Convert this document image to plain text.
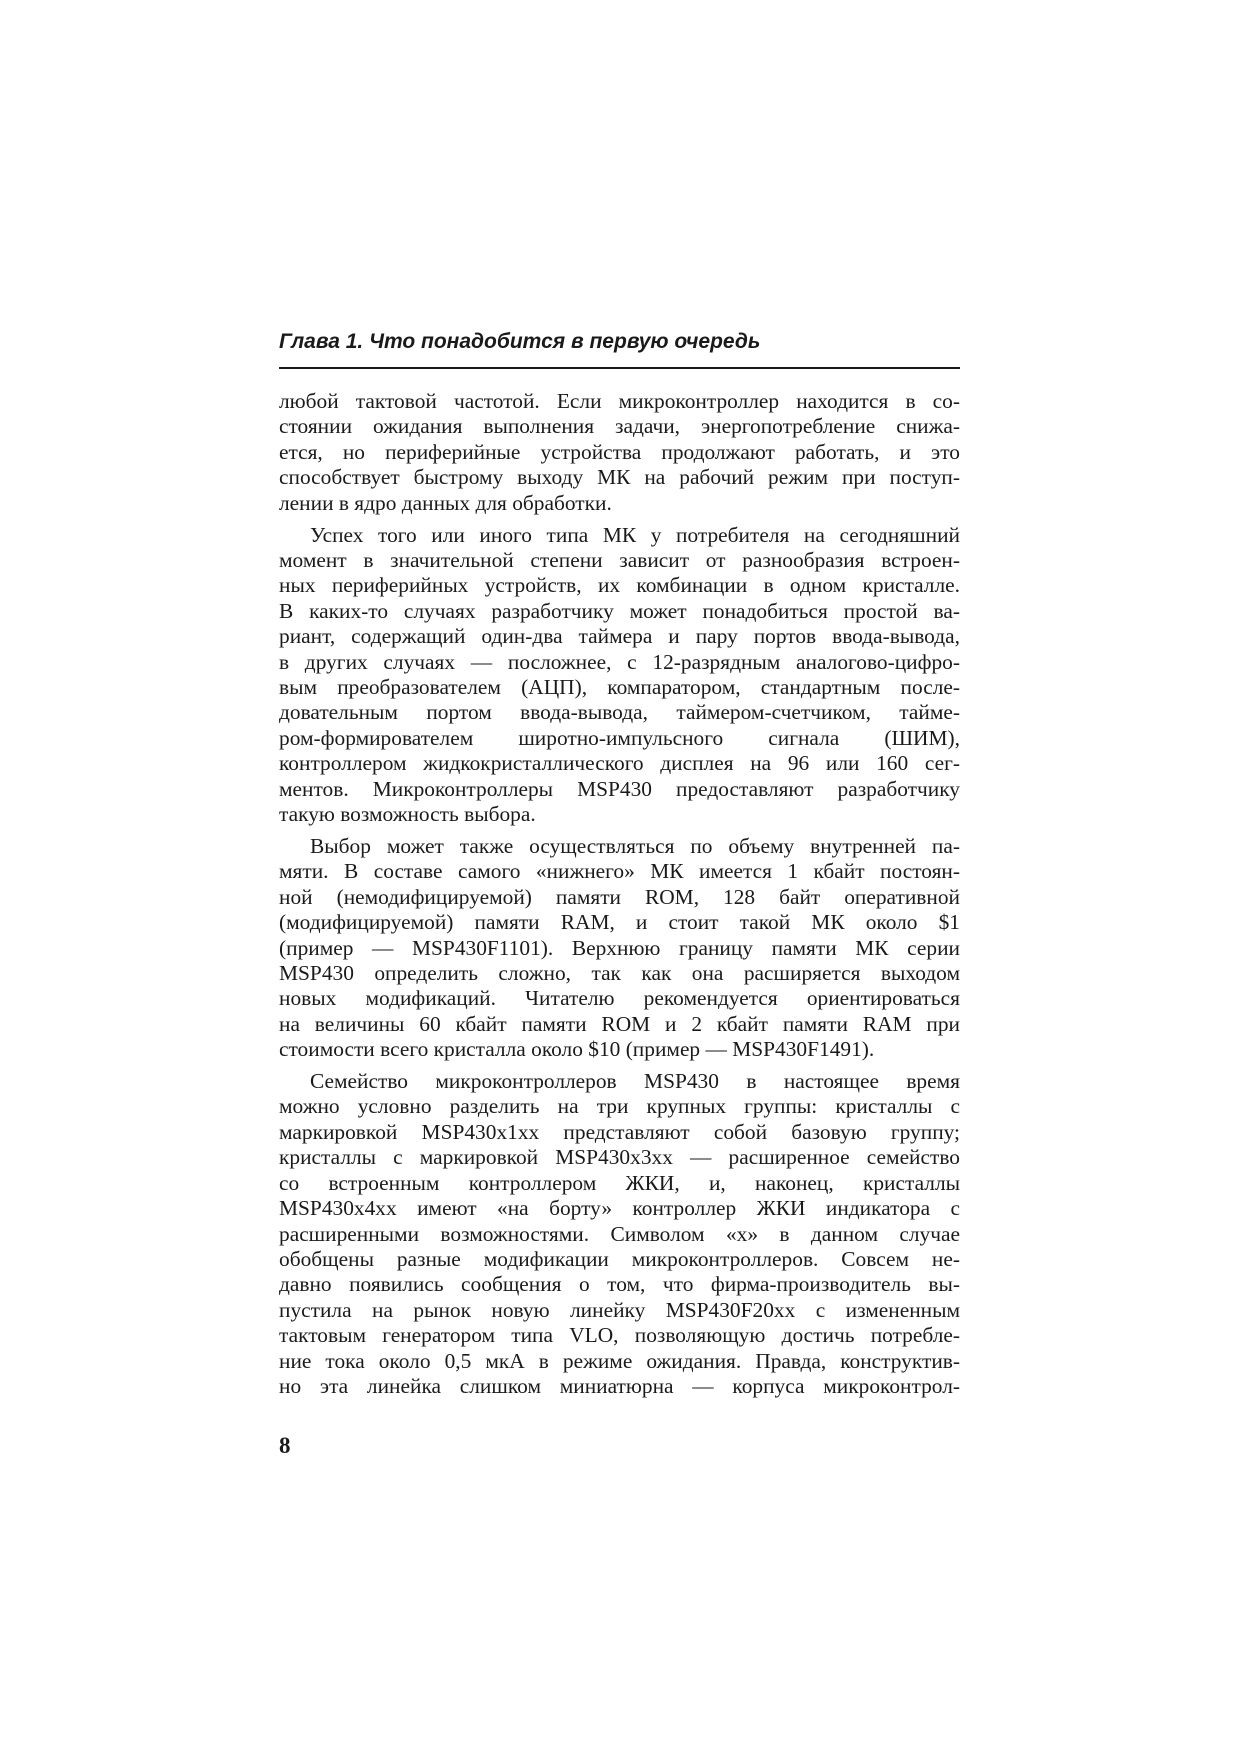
Глава 1. Что понадобится в первую очередь
любой тактовой частотой. Если микроконтроллер находится в со-
стоянии ожидания выполнения задачи, энергопотребление снижа-
ется, но периферийные устройства продолжают работать, и это
способствует быстрому выходу МК на рабочий режим при поступ-
лении в ядро данных для обработки.
Успех того или иного типа МК у потребителя на сегодняшний
момент в значительной степени зависит от разнообразия встроен-
ных периферийных устройств, их комбинации в одном кристалле.
В каких-то случаях разработчику может понадобиться простой ва-
риант, содержащий один-два таймера и пару портов ввода-вывода,
в других случаях — посложнее, с 12-разрядным аналогово-цифро-
вым преобразователем (АЦП), компаратором, стандартным после-
довательным портом ввода-вывода, таймером-счетчиком, тайме-
ром-формирователем широтно-импульсного сигнала (ШИМ),
контроллером жидкокристаллического дисплея на 96 или 160 сег-
ментов. Микроконтроллеры MSP430 предоставляют разработчику
такую возможность выбора.
Выбор может также осуществляться по объему внутренней па-
мяти. В составе самого «нижнего» МК имеется 1 кбайт постоян-
ной (немодифицируемой) памяти ROM, 128 байт оперативной
(модифицируемой) памяти RAM, и стоит такой МК около $1
(пример — MSP430F1101). Верхнюю границу памяти МК серии
MSP430 определить сложно, так как она расширяется выходом
новых модификаций. Читателю рекомендуется ориентироваться
на величины 60 кбайт памяти ROM и 2 кбайт памяти RAM при
стоимости всего кристалла около $10 (пример — MSP430F1491).
Семейство микроконтроллеров MSP430 в настоящее время
можно условно разделить на три крупных группы: кристаллы с
маркировкой MSP430x1xx представляют собой базовую группу;
кристаллы с маркировкой MSP430x3xx — расширенное семейство
со встроенным контроллером ЖКИ, и, наконец, кристаллы
MSP430x4xx имеют «на борту» контроллер ЖКИ индикатора с
расширенными возможностями. Символом «x» в данном случае
обобщены разные модификации микроконтроллеров. Совсем не-
давно появились сообщения о том, что фирма-производитель вы-
пустила на рынок новую линейку MSP430F20xx с измененным
тактовым генератором типа VLO, позволяющую достичь потребле-
ние тока около 0,5 мкА в режиме ожидания. Правда, конструктив-
но эта линейка слишком миниатюрна — корпуса микроконтрол-
8
